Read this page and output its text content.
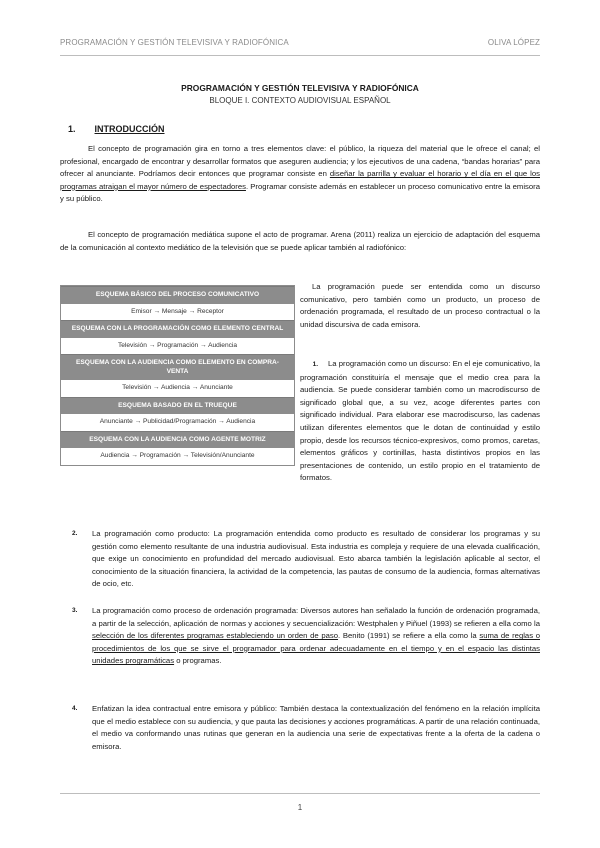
PROGRAMACIÓN Y GESTIÓN TELEVISIVA Y RADIOFÓNICA	OLIVA LÓPEZ
PROGRAMACIÓN Y GESTIÓN TELEVISIVA Y RADIOFÓNICA
BLOQUE I. CONTEXTO AUDIOVISUAL ESPAÑOL
1. INTRODUCCIÓN
El concepto de programación gira en torno a tres elementos clave: el público, la riqueza del material que le ofrece el canal; el profesional, encargado de encontrar y desarrollar formatos que aseguren audiencia; y los ejecutivos de una cadena, “bandas horarias” para ofrecer al anunciante. Podríamos decir entonces que programar consiste en diseñar la parrilla y evaluar el horario y el día en el que los programas atraigan el mayor número de espectadores. Programar consiste además en establecer un proceso comunicativo entre la emisora y su público.
El concepto de programación mediática supone el acto de programar. Arena (2011) realiza un ejercicio de adaptación del esquema de la comunicación al contexto mediático de la televisión que se puede aplicar también al radiofónico:
ESQUEMA BÁSICO DEL PROCESO COMUNICATIVO
Emisor → Mensaje → Receptor
ESQUEMA CON LA PROGRAMACIÓN COMO ELEMENTO CENTRAL
Televisión → Programación → Audiencia
ESQUEMA CON LA AUDIENCIA COMO ELEMENTO EN COMPRA-VENTA
Televisión → Audiencia → Anunciante
ESQUEMA BASADO EN EL TRUEQUE
Anunciante → Publicidad/Programación → Audiencia
ESQUEMA CON LA AUDIENCIA COMO AGENTE MOTRIZ
Audiencia → Programación → Televisión/Anunciante
La programación puede ser entendida como un discurso comunicativo, pero también como un producto, un proceso de ordenación programada, el resultado de un proceso contractual o la unidad discursiva de cada emisora.
1. La programación como un discurso: En el eje comunicativo, la programación constituiría el mensaje que el medio crea para la audiencia. Se puede considerar también como un macrodiscurso de significado global que, a su vez, acoge diferentes partes con significado individual. Para elaborar ese macrodiscurso, las cadenas utilizan diferentes elementos que le dotan de continuidad y estilo propio, desde los recursos técnico-expresivos, como promos, caretas, elementos gráficos y cortinillas, hasta distintivos propios en las presentaciones de contenido, un estilo propio en el tratamiento de formatos.
2. La programación como producto: La programación entendida como producto es resultado de considerar los programas y su gestión como elemento resultante de una industria audiovisual. Esta industria es compleja y requiere de una elevada cualificación, que exige un conocimiento en profundidad del mercado audiovisual. Esto abarca también la legislación aplicable al sector, el conocimiento de la situación financiera, la actividad de la competencia, las pautas de consumo de la audiencia, formas alternativas de ocio, etc.
3. La programación como proceso de ordenación programada: Diversos autores han señalado la función de ordenación programada, a partir de la selección, aplicación de normas y acciones y secuencialización: Westphalen y Piñuel (1993) se refieren a ella como la selección de los diferentes programas estableciendo un orden de paso. Benito (1991) se refiere a ella como la suma de reglas o procedimientos de los que se sirve el programador para ordenar adecuadamente en el tiempo y en el espacio las distintas unidades programáticas o programas.
4. Enfatizan la idea contractual entre emisora y público: También destaca la contextualización del fenómeno en la relación implícita que el medio establece con su audiencia, y que pauta las decisiones y acciones programáticas. A partir de una relación continuada, el medio va conformando unas rutinas que generan en la audiencia una serie de expectativas frente a la oferta de la cadena o emisora.
1
